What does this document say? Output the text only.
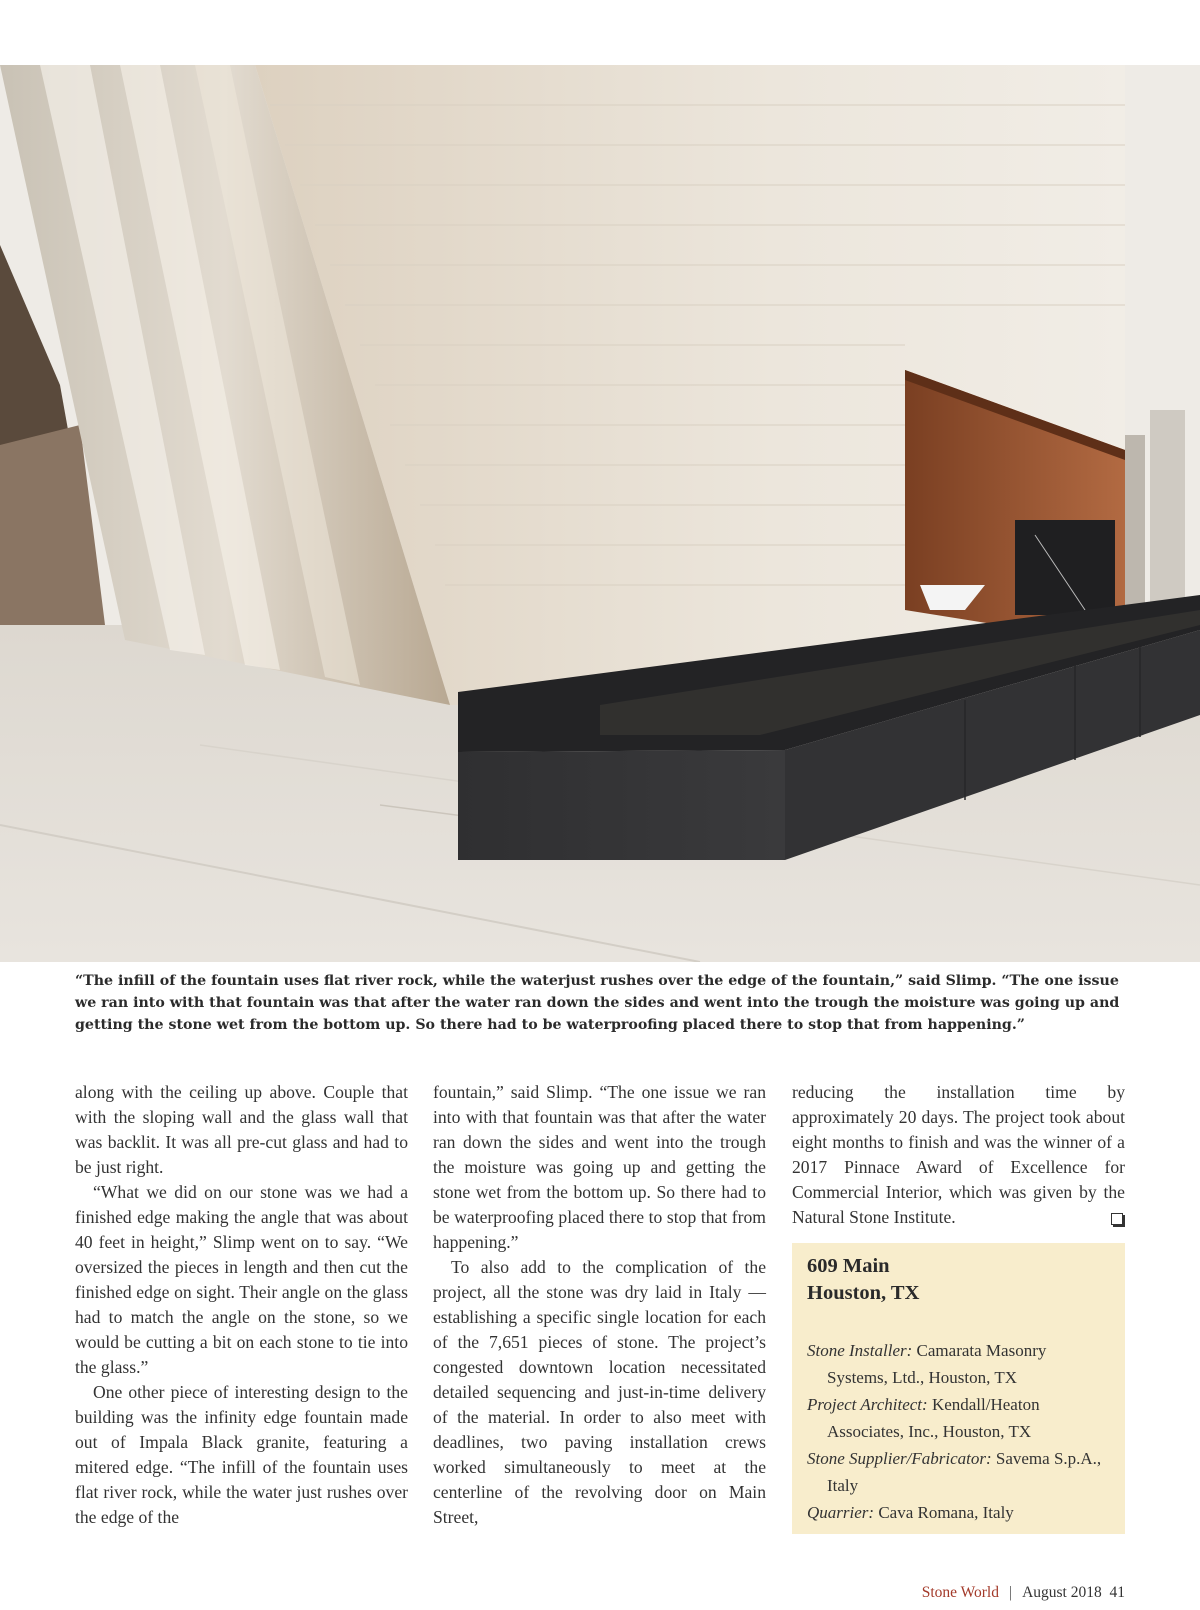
“The infill of the fountain uses flat river rock, while the waterjust rushes over the edge of the fountain,” said Slimp. “The one issue we ran into with that fountain was that after the water ran down the sides and went into the trough the moisture was going up and getting the stone wet from the bottom up. So there had to be waterproofing placed there to stop that from happening.”

along with the ceiling up above. Couple that with the sloping wall and the glass wall that was backlit. It was all pre-cut glass and had to be just right.

“What we did on our stone was we had a finished edge making the angle that was about 40 feet in height,” Slimp went on to say. “We oversized the pieces in length and then cut the finished edge on sight. Their angle on the glass had to match the angle on the stone, so we would be cutting a bit on each stone to tie into the glass.”

One other piece of interesting design to the building was the infinity edge fountain made out of Impala Black granite, featuring a mitered edge. “The infill of the fountain uses flat river rock, while the water just rushes over the edge of the

fountain,” said Slimp. “The one issue we ran into with that fountain was that after the water ran down the sides and went into the trough the moisture was going up and getting the stone wet from the bottom up. So there had to be waterproofing placed there to stop that from happening.”

To also add to the complication of the project, all the stone was dry laid in Italy — establishing a specific single location for each of the 7,651 pieces of stone. The project’s congested downtown location necessitated detailed sequencing and just-in-time delivery of the material. In order to also meet with deadlines, two paving installation crews worked simultaneously to meet at the centerline of the revolving door on Main Street,

reducing the installation time by approximately 20 days. The project took about eight months to finish and was the winner of a 2017 Pinnace Award of Excellence for Commercial Interior, which was given by the Natural Stone Institute.

609 Main
Houston, TX

Stone Installer: Camarata Masonry Systems, Ltd., Houston, TX

Project Architect: Kendall/Heaton Associates, Inc., Houston, TX

Stone Supplier/Fabricator: Savema S.p.A., Italy

Quarrier: Cava Romana, Italy

Stone World | August 2018 41
